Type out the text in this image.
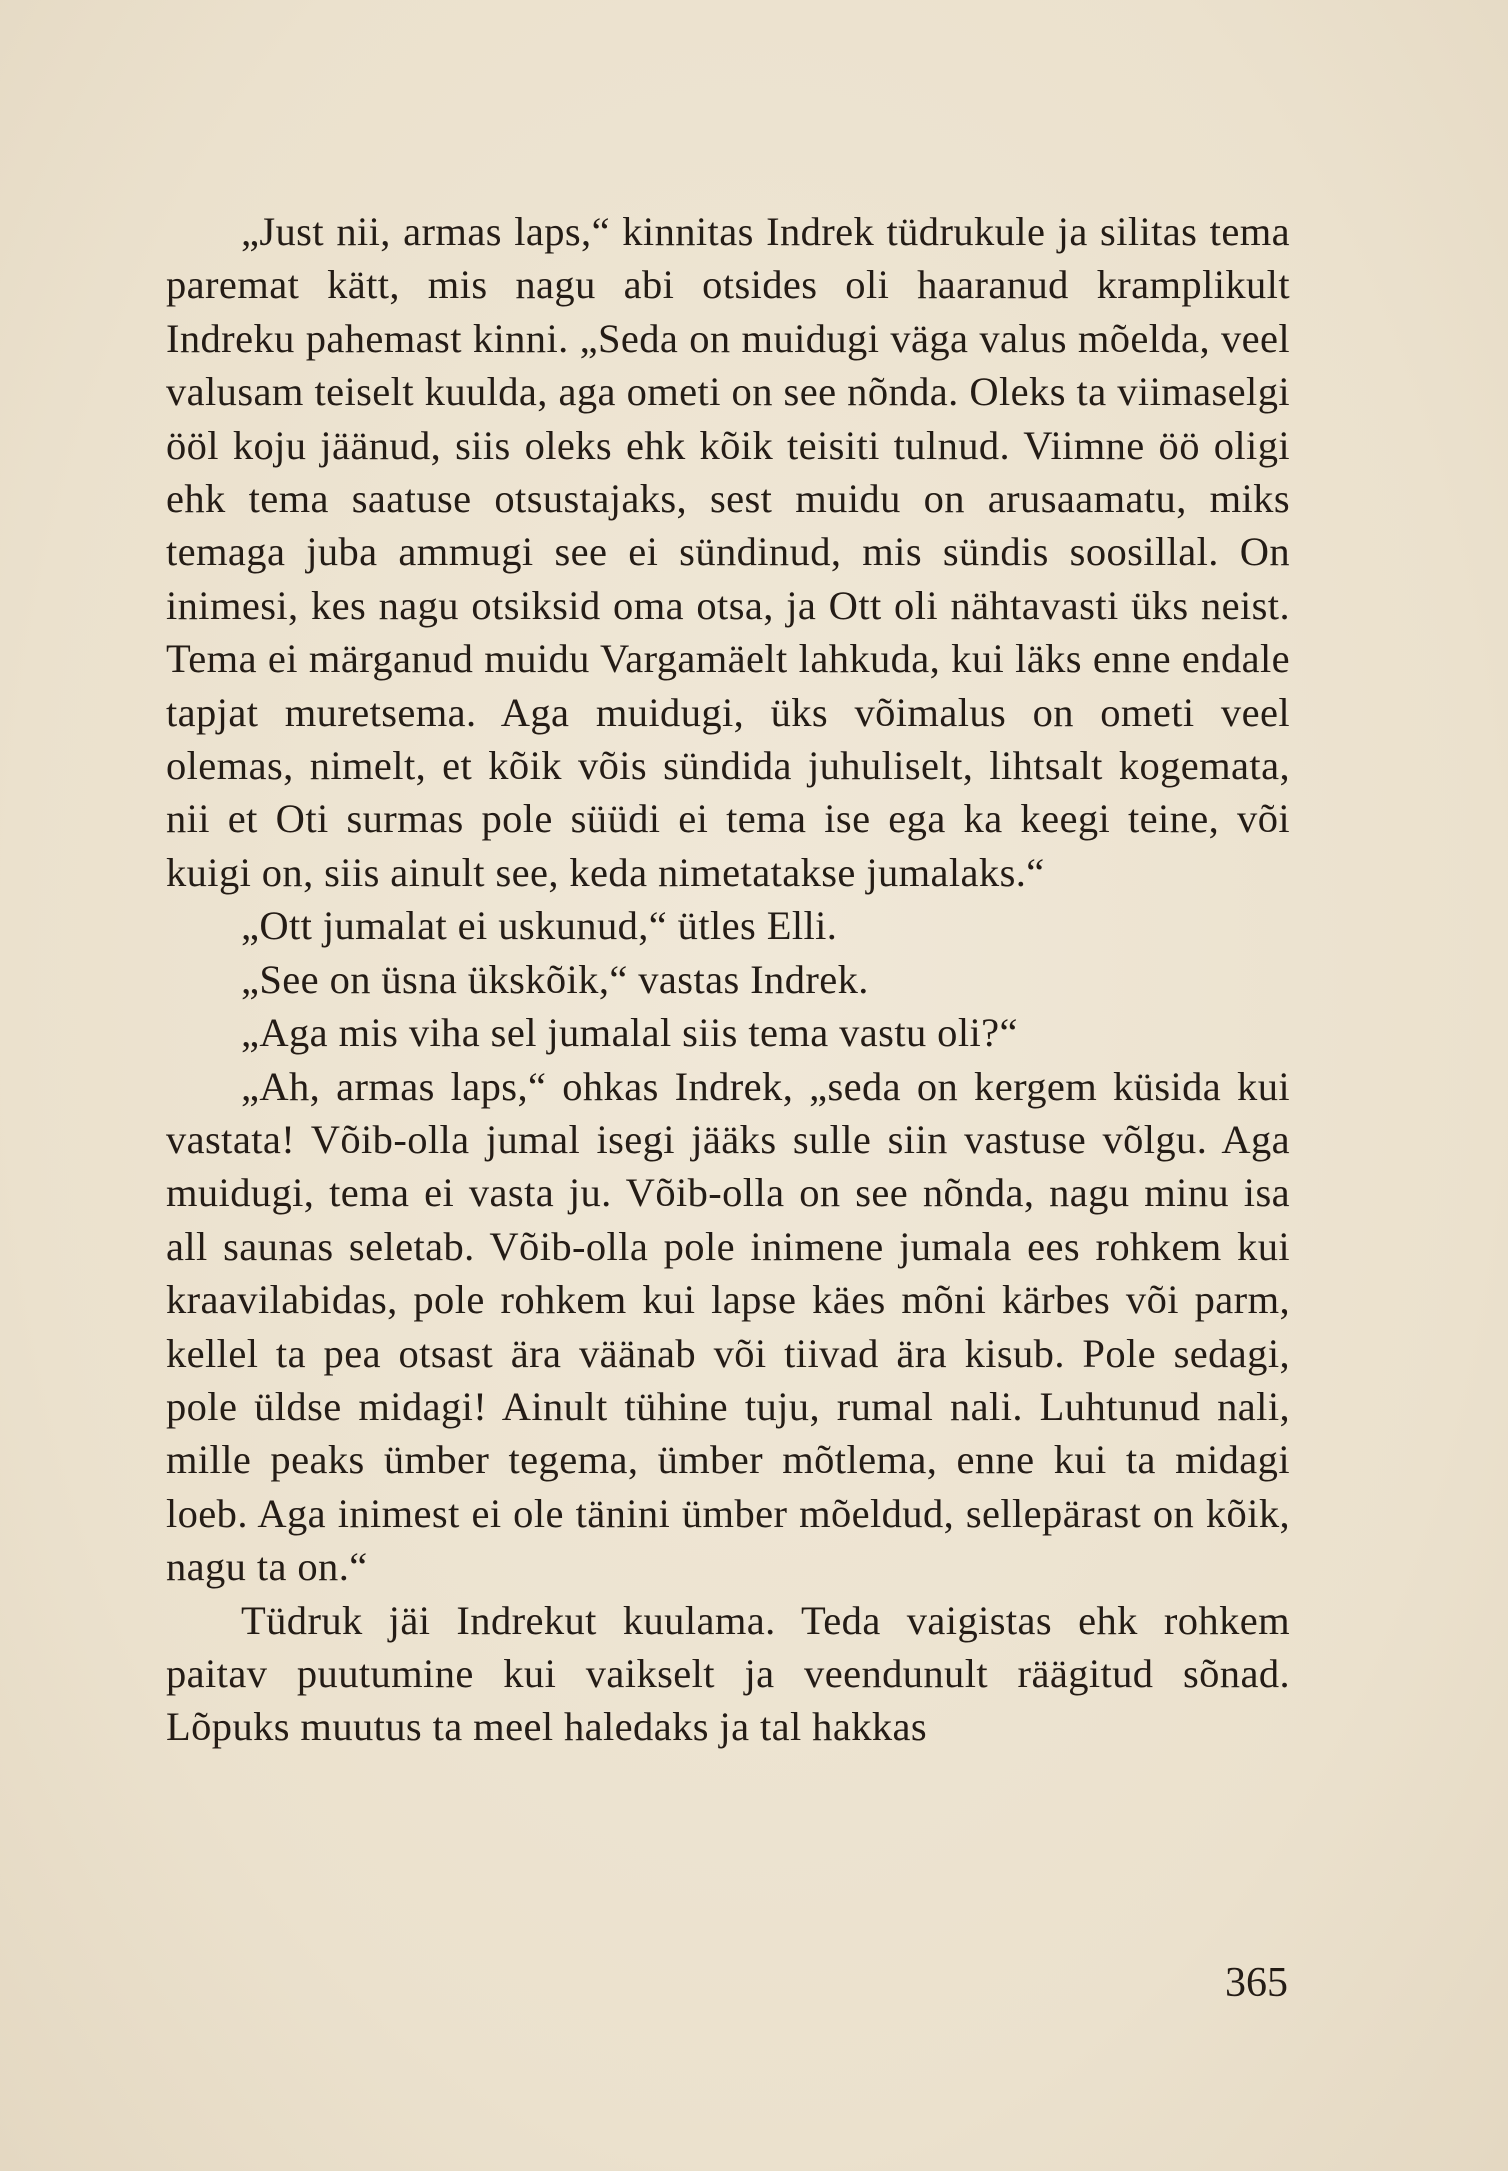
„Just nii, armas laps,“ kinnitas Indrek tüdrukule ja silitas tema paremat kätt, mis nagu abi otsides oli haaranud kramplikult Indreku pahemast kinni. „Seda on muidugi väga valus mõelda, veel valusam teiselt kuulda, aga ometi on see nõnda. Oleks ta viimaselgi ööl koju jäänud, siis oleks ehk kõik teisiti tulnud. Viimne öö oligi ehk tema saatuse otsustajaks, sest muidu on arusaamatu, miks temaga juba ammugi see ei sündinud, mis sündis soosillal. On inimesi, kes nagu otsiksid oma otsa, ja Ott oli nähtavasti üks neist. Tema ei märganud muidu Vargamäelt lahkuda, kui läks enne endale tapjat muretsema. Aga muidugi, üks võimalus on ometi veel olemas, nimelt, et kõik võis sündida juhuliselt, lihtsalt kogemata, nii et Oti surmas pole süüdi ei tema ise ega ka keegi teine, või kuigi on, siis ainult see, keda nimetatakse jumalaks.“

„Ott jumalat ei uskunud,“ ütles Elli.

„See on üsna ükskõik,“ vastas Indrek.

„Aga mis viha sel jumalal siis tema vastu oli?“

„Ah, armas laps,“ ohkas Indrek, „seda on kergem küsida kui vastata! Võib-olla jumal isegi jääks sulle siin vastuse võlgu. Aga muidugi, tema ei vasta ju. Võib-olla on see nõnda, nagu minu isa all saunas seletab. Võib-olla pole inimene jumala ees rohkem kui kraavilabidas, pole rohkem kui lapse käes mõni kärbes või parm, kellel ta pea otsast ära väänab või tiivad ära kisub. Pole sedagi, pole üldse midagi! Ainult tühine tuju, rumal nali. Luhtunud nali, mille peaks ümber tegema, ümber mõtlema, enne kui ta midagi loeb. Aga inimest ei ole tänini ümber mõeldud, sellepärast on kõik, nagu ta on.“

Tüdruk jäi Indrekut kuulama. Teda vaigistas ehk rohkem paitav puutumine kui vaikselt ja veendunult räägitud sõnad. Lõpuks muutus ta meel haledaks ja tal hakkas

365
